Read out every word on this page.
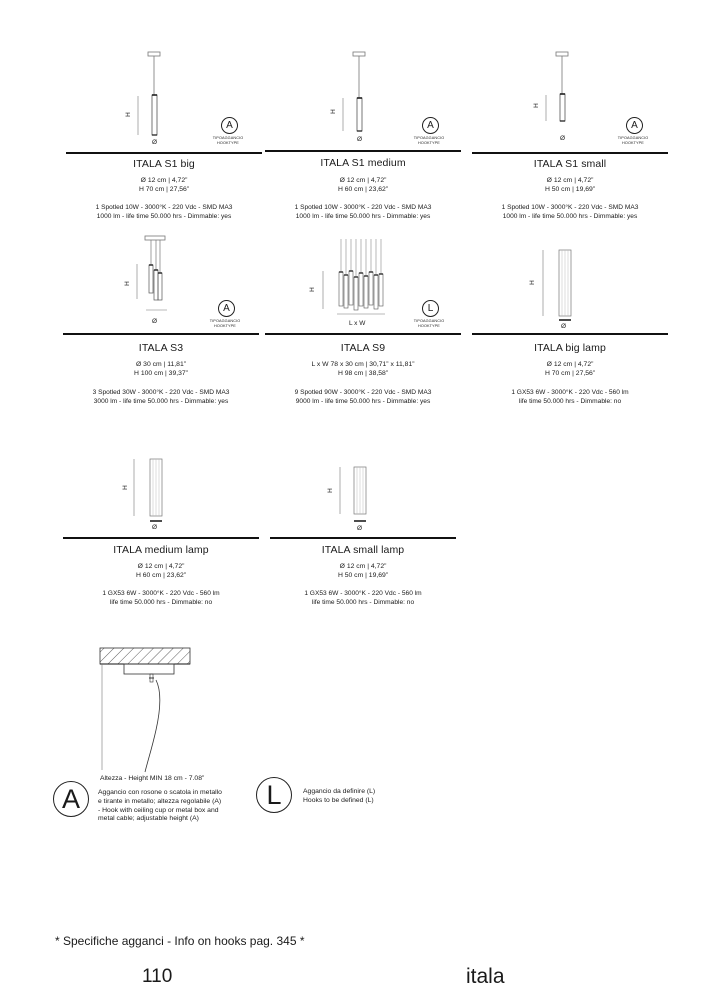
H
Ø
A
TIPOAGGANCIO
HOOKTYPE
ITALA S1 big
Ø 12 cm | 4,72”
H 70 cm | 27,56”
1 Spotled 10W - 3000°K - 220 Vdc - SMD MA3
1000 lm - life time 50.000 hrs - Dimmable: yes
H
Ø
A
TIPOAGGANCIO
HOOKTYPE
ITALA S1 medium
Ø 12 cm | 4,72”
H 60 cm | 23,62”
1 Spotled 10W - 3000°K - 220 Vdc - SMD MA3
1000 lm - life time 50.000 hrs - Dimmable: yes
H
Ø
A
TIPOAGGANCIO
HOOKTYPE
ITALA S1 small
Ø 12 cm | 4,72”
H 50 cm | 19,69”
1 Spotled 10W - 3000°K - 220 Vdc - SMD MA3
1000 lm - life time 50.000 hrs - Dimmable: yes
H
Ø
A
TIPOAGGANCIO
HOOKTYPE
ITALA S3
Ø 30 cm | 11,81”
H 100 cm | 39,37”
3 Spotled 30W - 3000°K - 220 Vdc - SMD MA3
3000 lm - life time 50.000 hrs - Dimmable: yes
H
L x W
L
TIPOAGGANCIO
HOOKTYPE
ITALA S9
L x W 78 x 30 cm | 30,71” x 11,81”
H 98 cm | 38,58”
9 Spotled 90W - 3000°K - 220 Vdc - SMD MA3
9000 lm - life time 50.000 hrs - Dimmable: yes
H
Ø
ITALA big lamp
Ø 12 cm | 4,72”
H 70 cm | 27,56”
1 GX53 6W - 3000°K - 220 Vdc - 560 lm
life time 50.000 hrs - Dimmable: no
H
Ø
ITALA medium lamp
Ø 12 cm | 4,72”
H 60 cm | 23,62”
1 GX53 6W - 3000°K - 220 Vdc - 560 lm
life time 50.000 hrs - Dimmable: no
H
Ø
ITALA small lamp
Ø 12 cm | 4,72”
H 50 cm | 19,69”
1 GX53 6W - 3000°K - 220 Vdc - 560 lm
life time 50.000 hrs - Dimmable: no
Altezza - Height MIN 18 cm - 7.08”
A	Aggancio con rosone o scatola in metallo
e tirante in metallo; altezza regolabile (A)
- Hook with ceiling cup or metal box and
metal cable; adjustable height (A)
L	Aggancio da definire (L)
Hooks to be defined (L)
* Specifiche agganci - Info on hooks pag. 345 *
110	itala
